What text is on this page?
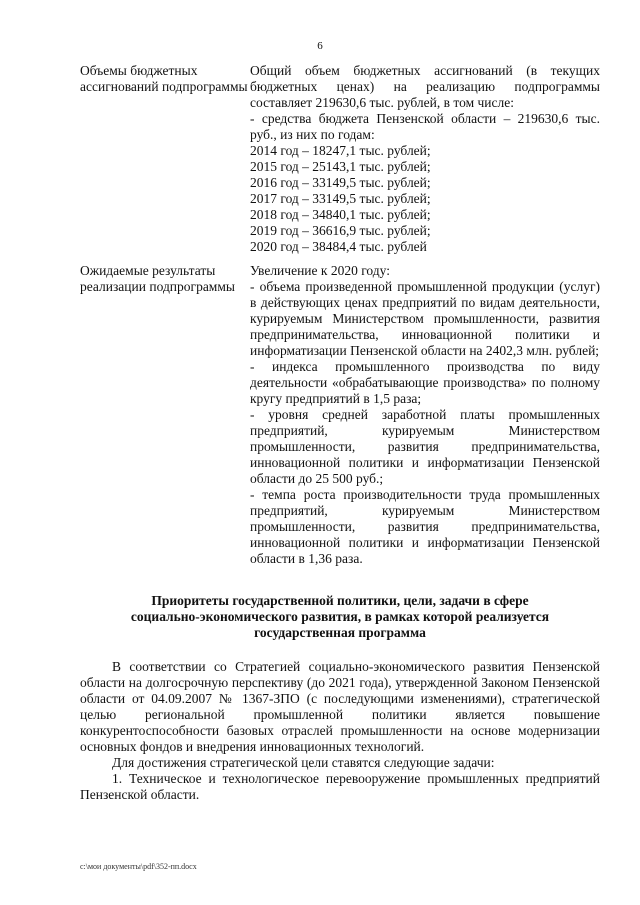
6
Объемы бюджетных ассигнований подпрограммы

Общий объем бюджетных ассигнований (в текущих бюджетных ценах) на реализацию подпрограммы составляет 219630,6 тыс. рублей, в том числе:

- средства бюджета Пензенской области – 219630,6 тыс. руб., из них по годам:

2014 год – 18247,1 тыс. рублей;

2015 год – 25143,1 тыс. рублей;

2016 год – 33149,5 тыс. рублей;

2017 год – 33149,5 тыс. рублей;

2018 год – 34840,1 тыс. рублей;

2019 год – 36616,9 тыс. рублей;

2020 год – 38484,4 тыс. рублей

Ожидаемые результаты реализации подпрограммы

Увеличение к 2020 году:

- объема произведенной промышленной продукции (услуг) в действующих ценах предприятий по видам деятельности, курируемым Министерством промышленности, развития предпринимательства, инновационной политики и информатизации Пензенской области на 2402,3 млн. рублей;

- индекса промышленного производства по виду деятельности «обрабатывающие производства» по полному кругу предприятий в 1,5 раза;

- уровня средней заработной платы промышленных предприятий, курируемым Министерством промышленности, развития предпринимательства, инновационной политики и информатизации Пензенской области до 25 500 руб.;

- темпа роста производительности труда промышленных предприятий, курируемым Министерством промышленности, развития предпринимательства, инновационной политики и информатизации Пензенской области в 1,36 раза.

Приоритеты государственной политики, цели, задачи в сфере
социально-экономического развития, в рамках которой реализуется
государственная программа

В соответствии со Стратегией социально-экономического развития Пензенской области на долгосрочную перспективу (до 2021 года), утвержденной Законом Пензенской области от 04.09.2007 № 1367-ЗПО (с последующими изменениями), стратегической целью региональной промышленной политики является повышение конкурентоспособности базовых отраслей промышленности на основе модернизации основных фондов и внедрения инновационных технологий.

Для достижения стратегической цели ставятся следующие задачи:

1. Техническое и технологическое перевооружение промышленных предприятий Пензенской области.

c:\мои документы\pdf\352-пп.docx
